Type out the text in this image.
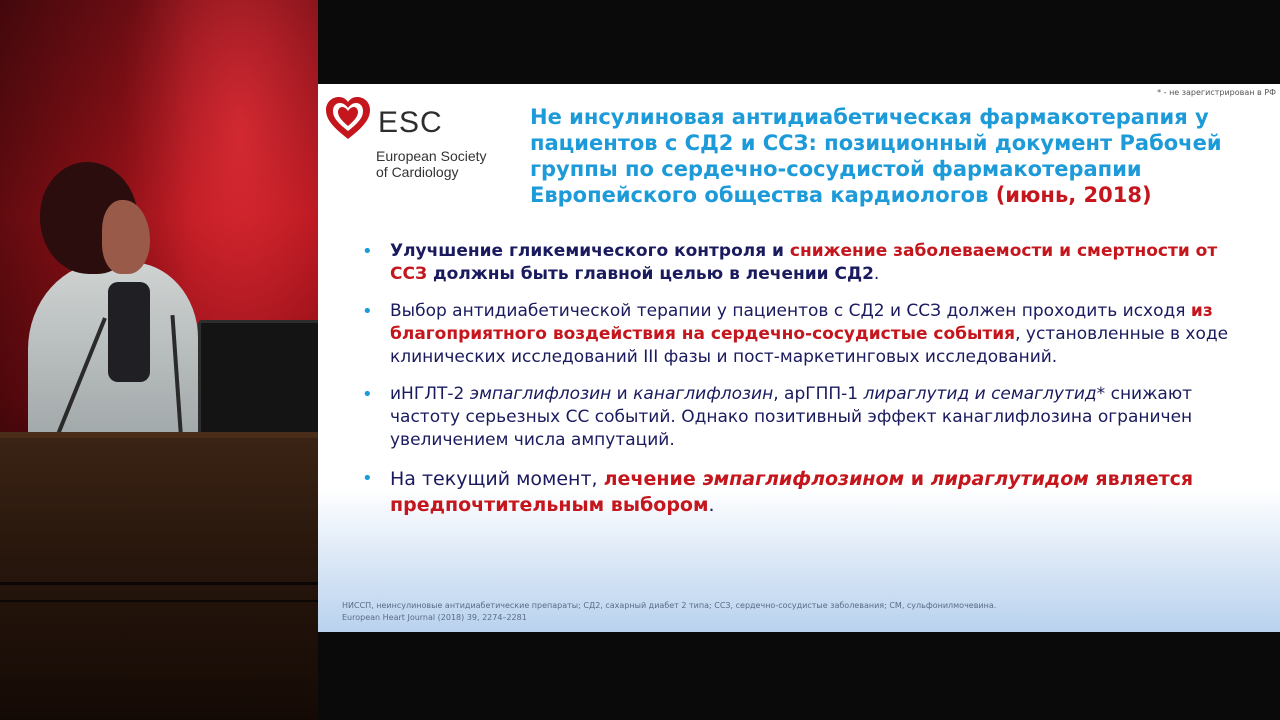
* - не зарегистрирован в РФ
ESC
European Society
of Cardiology
Не инсулиновая антидиабетическая фармакотерапия у пациентов с СД2 и ССЗ: позиционный документ Рабочей группы по сердечно-сосудистой фармакотерапии Европейского общества кардиологов (июнь, 2018)
• Улучшение гликемического контроля и снижение заболеваемости и смертности от ССЗ должны быть главной целью в лечении СД2.
• Выбор антидиабетической терапии у пациентов с СД2 и ССЗ должен проходить исходя из благоприятного воздействия на сердечно-сосудистые события, установленные в ходе клинических исследований III фазы и пост-маркетинговых исследований.
• иНГЛТ-2 эмпаглифлозин и канаглифлозин, арГПП-1 лираглутид и семаглутид* снижают частоту серьезных СС событий. Однако позитивный эффект канаглифлозина ограничен увеличением числа ампутаций.
• На текущий момент, лечение эмпаглифлозином и лираглутидом является предпочтительным выбором.
НИССП, неинсулиновые антидиабетические препараты; СД2, сахарный диабет 2 типа; ССЗ, сердечно-сосудистые заболевания; СМ, сульфонилмочевина.
European Heart Journal (2018) 39, 2274–2281
